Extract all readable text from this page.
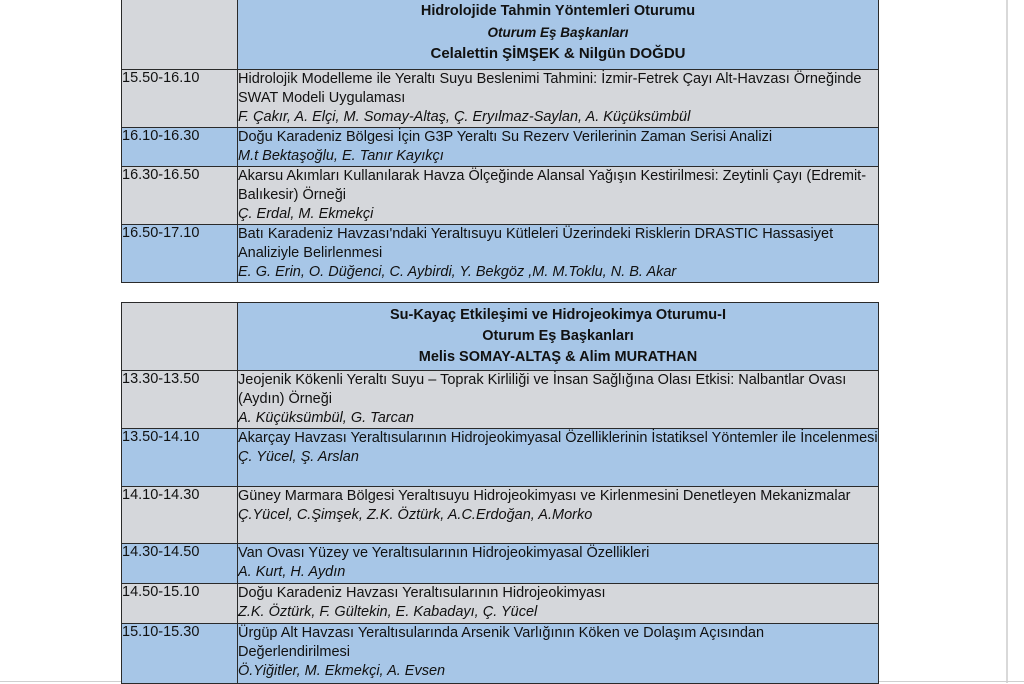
	Hidrolojide Tahmin Yöntemleri Oturumu
Oturum Eş Başkanları
Celalettin ŞİMŞEK & Nilgün DOĞDU

15.50-16.10	Hidrolojik Modelleme ile Yeraltı Suyu Beslenimi Tahmini: İzmir-Fetrek Çayı Alt-Havzası Örneğinde SWAT Modeli Uygulaması
F. Çakır, A. Elçi, M. Somay-Altaş, Ç. Eryılmaz-Saylan, A. Küçüksümbül

16.10-16.30	Doğu Karadeniz Bölgesi İçin G3P Yeraltı Su Rezerv Verilerinin Zaman Serisi Analizi
M.t Bektaşoğlu, E. Tanır Kayıkçı

16.30-16.50	Akarsu Akımları Kullanılarak Havza Ölçeğinde Alansal Yağışın Kestirilmesi: Zeytinli Çayı (Edremit-Balıkesir) Örneği
Ç. Erdal, M. Ekmekçi

16.50-17.10	Batı Karadeniz Havzası'ndaki Yeraltısuyu Kütleleri Üzerindeki Risklerin DRASTIC Hassasiyet Analiziyle Belirlenmesi
E. G. Erin, O. Düğenci, C. Aybirdi, Y. Bekgöz ,M. M.Toklu, N. B. Akar

	Su-Kayaç Etkileşimi ve Hidrojeokimya Oturumu-I
Oturum Eş Başkanları
Melis SOMAY-ALTAŞ & Alim MURATHAN

13.30-13.50	Jeojenik Kökenli Yeraltı Suyu – Toprak Kirliliği ve İnsan Sağlığına Olası Etkisi: Nalbantlar Ovası (Aydın) Örneği
A. Küçüksümbül, G. Tarcan

13.50-14.10	Akarçay Havzası Yeraltısularının Hidrojeokimyasal Özelliklerinin İstatiksel Yöntemler ile İncelenmesi
Ç. Yücel, Ş. Arslan

14.10-14.30	Güney Marmara Bölgesi Yeraltısuyu Hidrojeokimyası ve Kirlenmesini Denetleyen Mekanizmalar
Ç.Yücel, C.Şimşek, Z.K. Öztürk, A.C.Erdoğan, A.Morko

14.30-14.50	Van Ovası Yüzey ve Yeraltısularının Hidrojeokimyasal Özellikleri
A. Kurt, H. Aydın

14.50-15.10	Doğu Karadeniz Havzası Yeraltısularının Hidrojeokimyası
Z.K. Öztürk, F. Gültekin, E. Kabadayı, Ç. Yücel

15.10-15.30	Ürgüp Alt Havzası Yeraltısularında Arsenik Varlığının Köken ve Dolaşım Açısından Değerlendirilmesi
Ö.Yiğitler, M. Ekmekçi, A. Evsen
